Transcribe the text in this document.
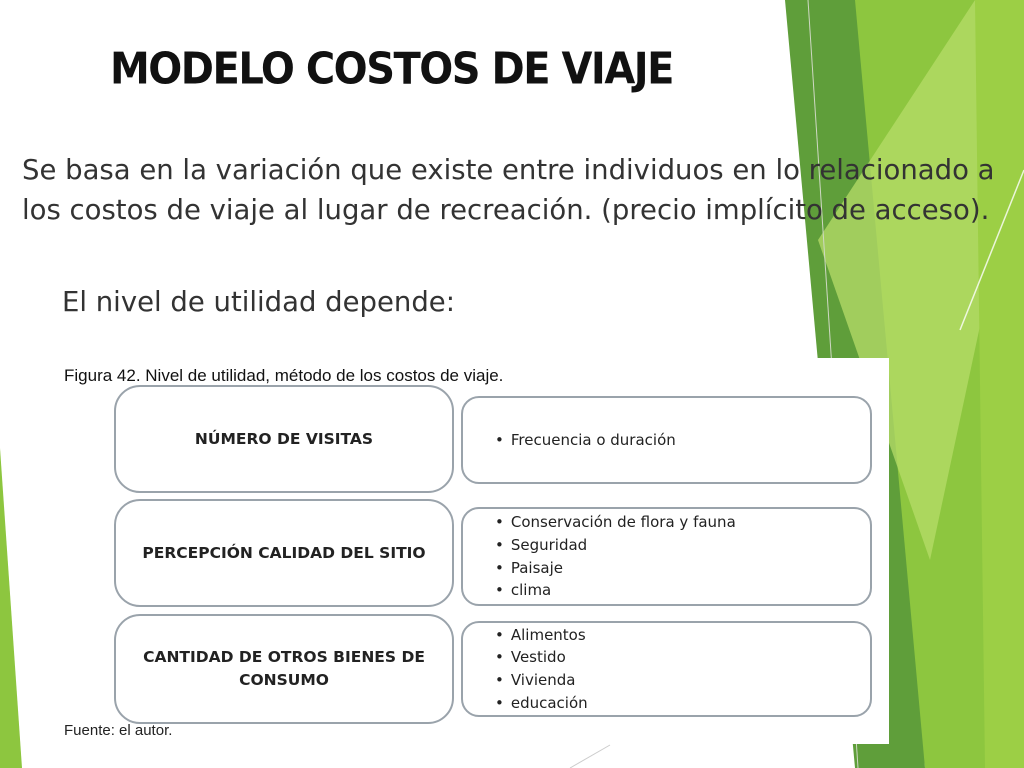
MODELO COSTOS DE VIAJE
Se basa en la variación que existe entre individuos en lo relacionado a los costos de viaje al lugar de recreación. (precio implícito de acceso).
El nivel de utilidad depende:
Figura 42. Nivel de utilidad, método de los costos de viaje.
NÚMERO DE VISITAS
•	Frecuencia o duración
PERCEPCIÓN CALIDAD DEL SITIO
• Conservación de flora y fauna
• Seguridad
• Paisaje
• clima
CANTIDAD DE OTROS BIENES DE CONSUMO
• Alimentos
• Vestido
• Vivienda
• educación
Fuente: el autor.
